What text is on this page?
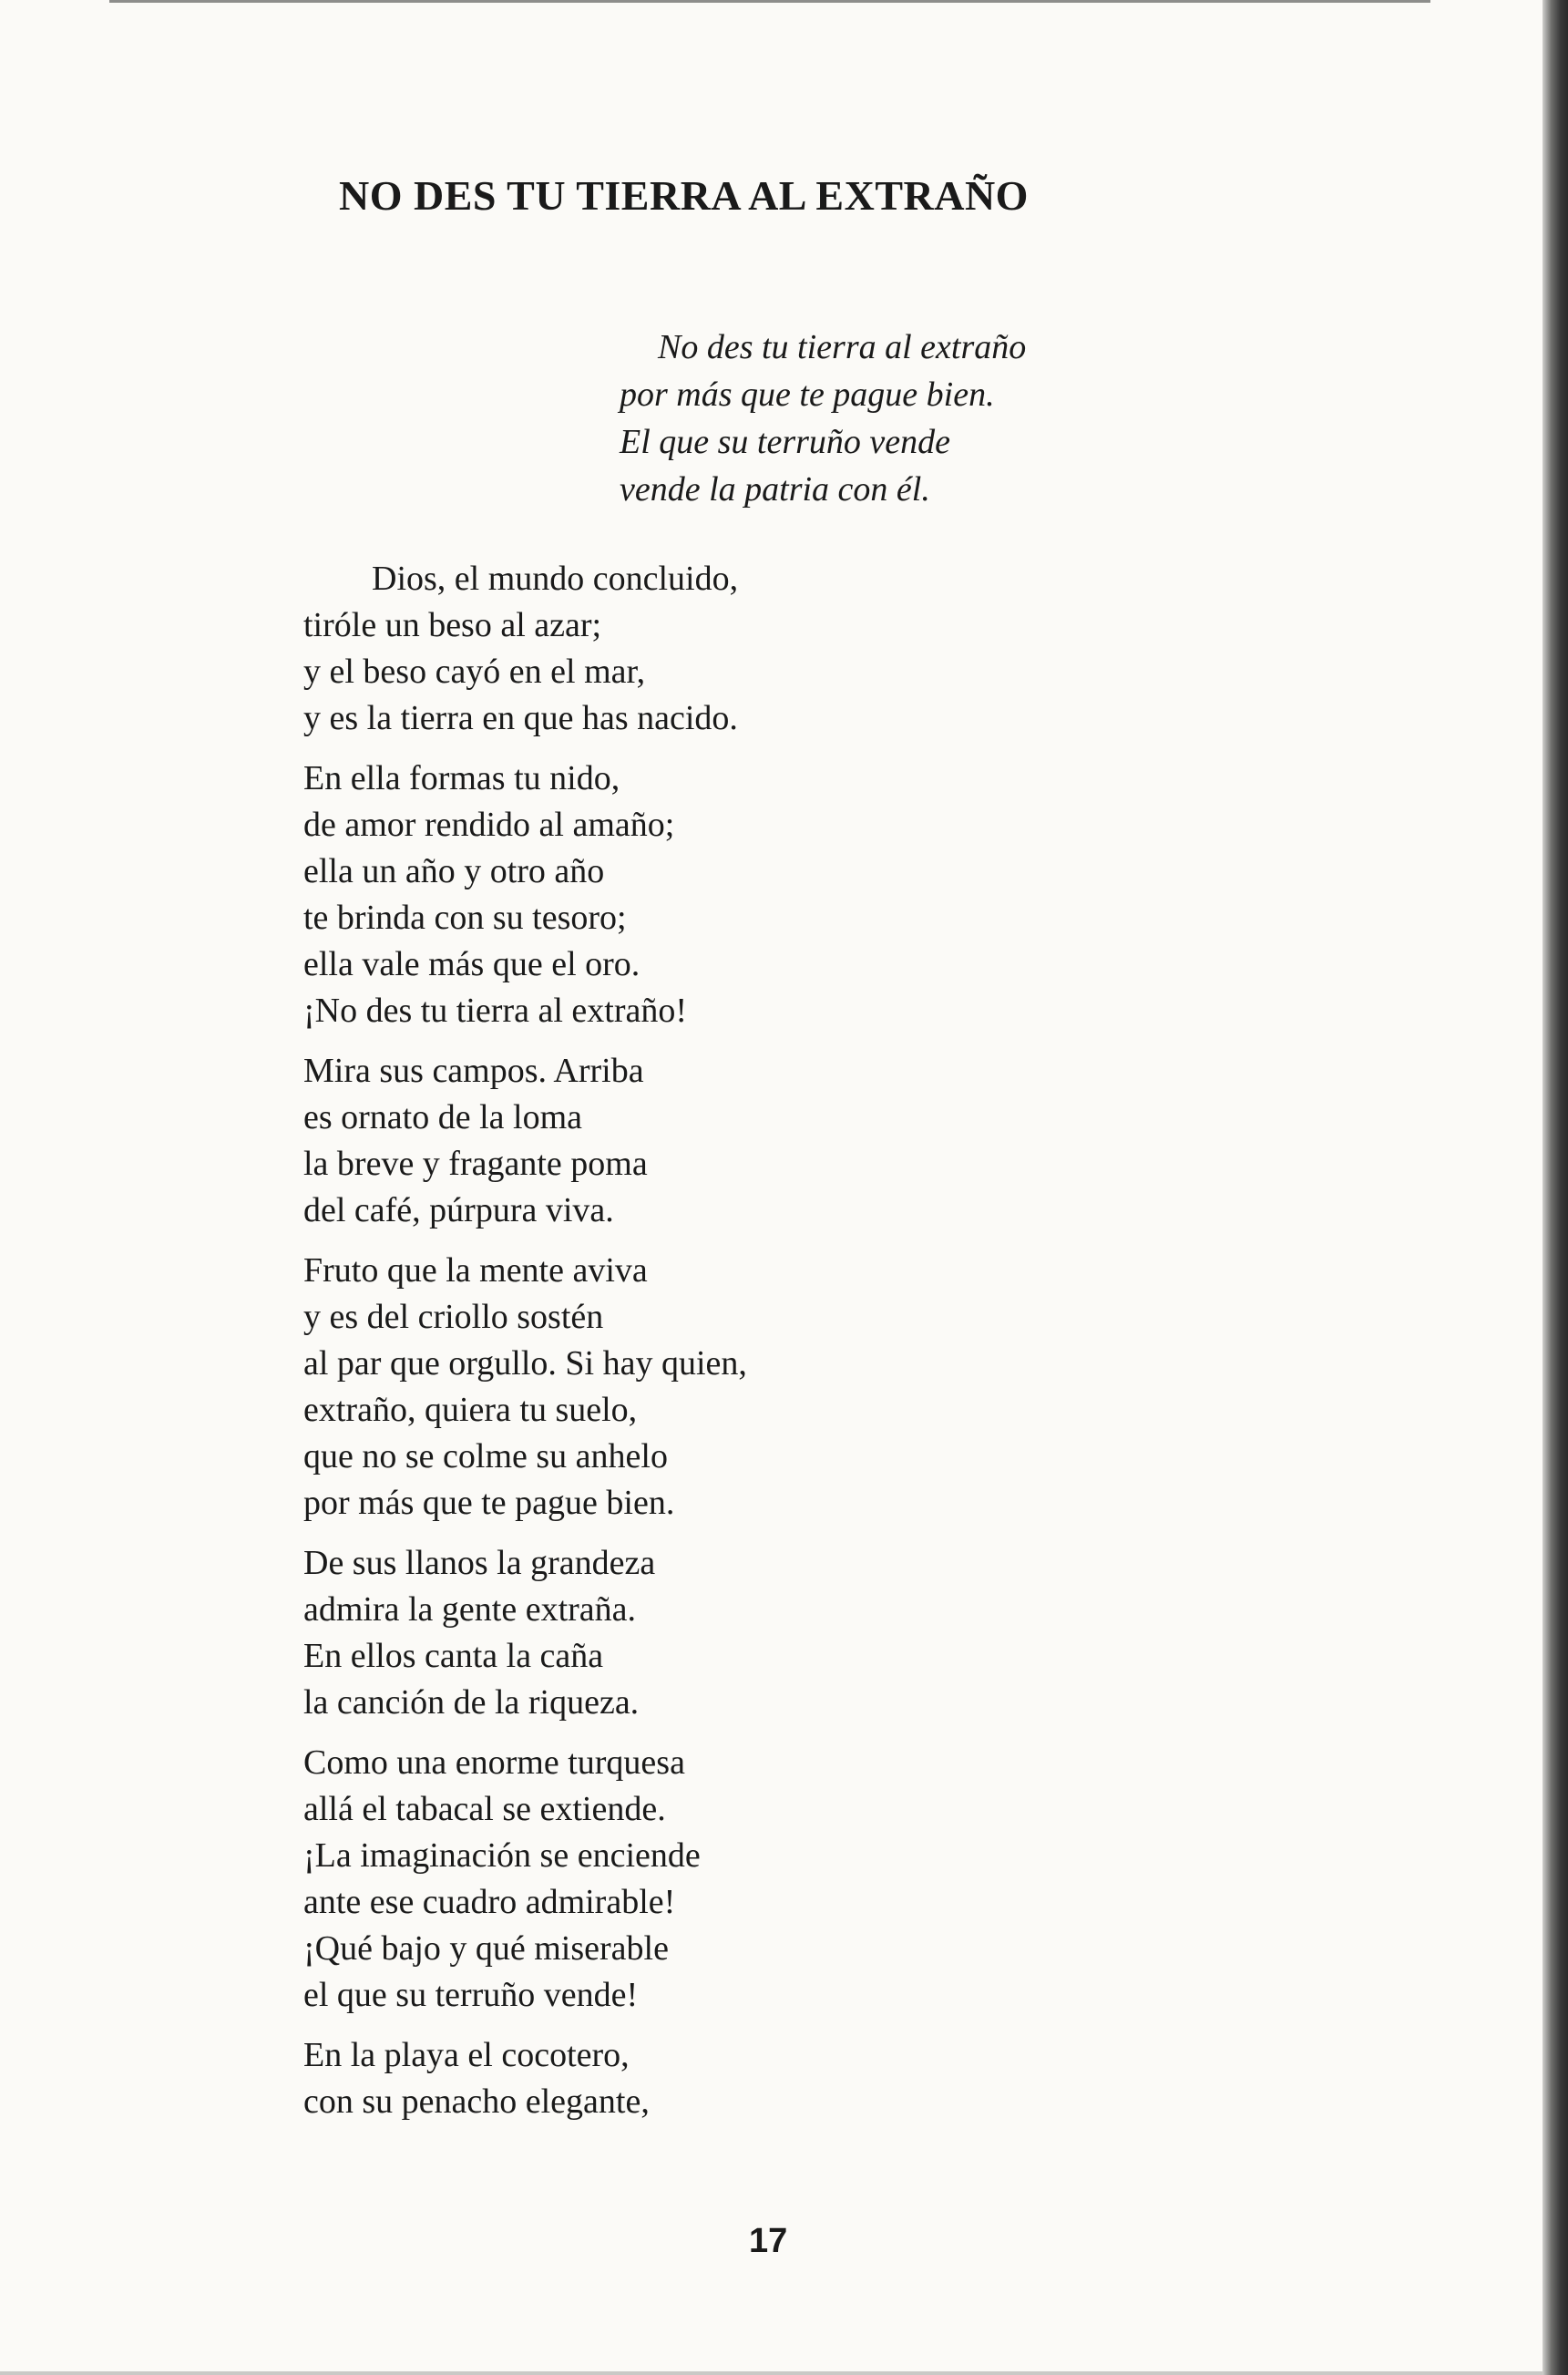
NO DES TU TIERRA AL EXTRAÑO
No des tu tierra al extraño
por más que te pague bien.
El que su terruño vende
vende la patria con él.
Dios, el mundo concluido,
tiróle un beso al azar;
y el beso cayó en el mar,
y es la tierra en que has nacido.
En ella formas tu nido,
de amor rendido al amaño;
ella un año y otro año
te brinda con su tesoro;
ella vale más que el oro.
¡No des tu tierra al extraño!
Mira sus campos. Arriba
es ornato de la loma
la breve y fragante poma
del café, púrpura viva.
Fruto que la mente aviva
y es del criollo sostén
al par que orgullo. Si hay quien,
extraño, quiera tu suelo,
que no se colme su anhelo
por más que te pague bien.
De sus llanos la grandeza
admira la gente extraña.
En ellos canta la caña
la canción de la riqueza.
Como una enorme turquesa
allá el tabacal se extiende.
¡La imaginación se enciende
ante ese cuadro admirable!
¡Qué bajo y qué miserable
el que su terruño vende!
En la playa el cocotero,
con su penacho elegante,
17
